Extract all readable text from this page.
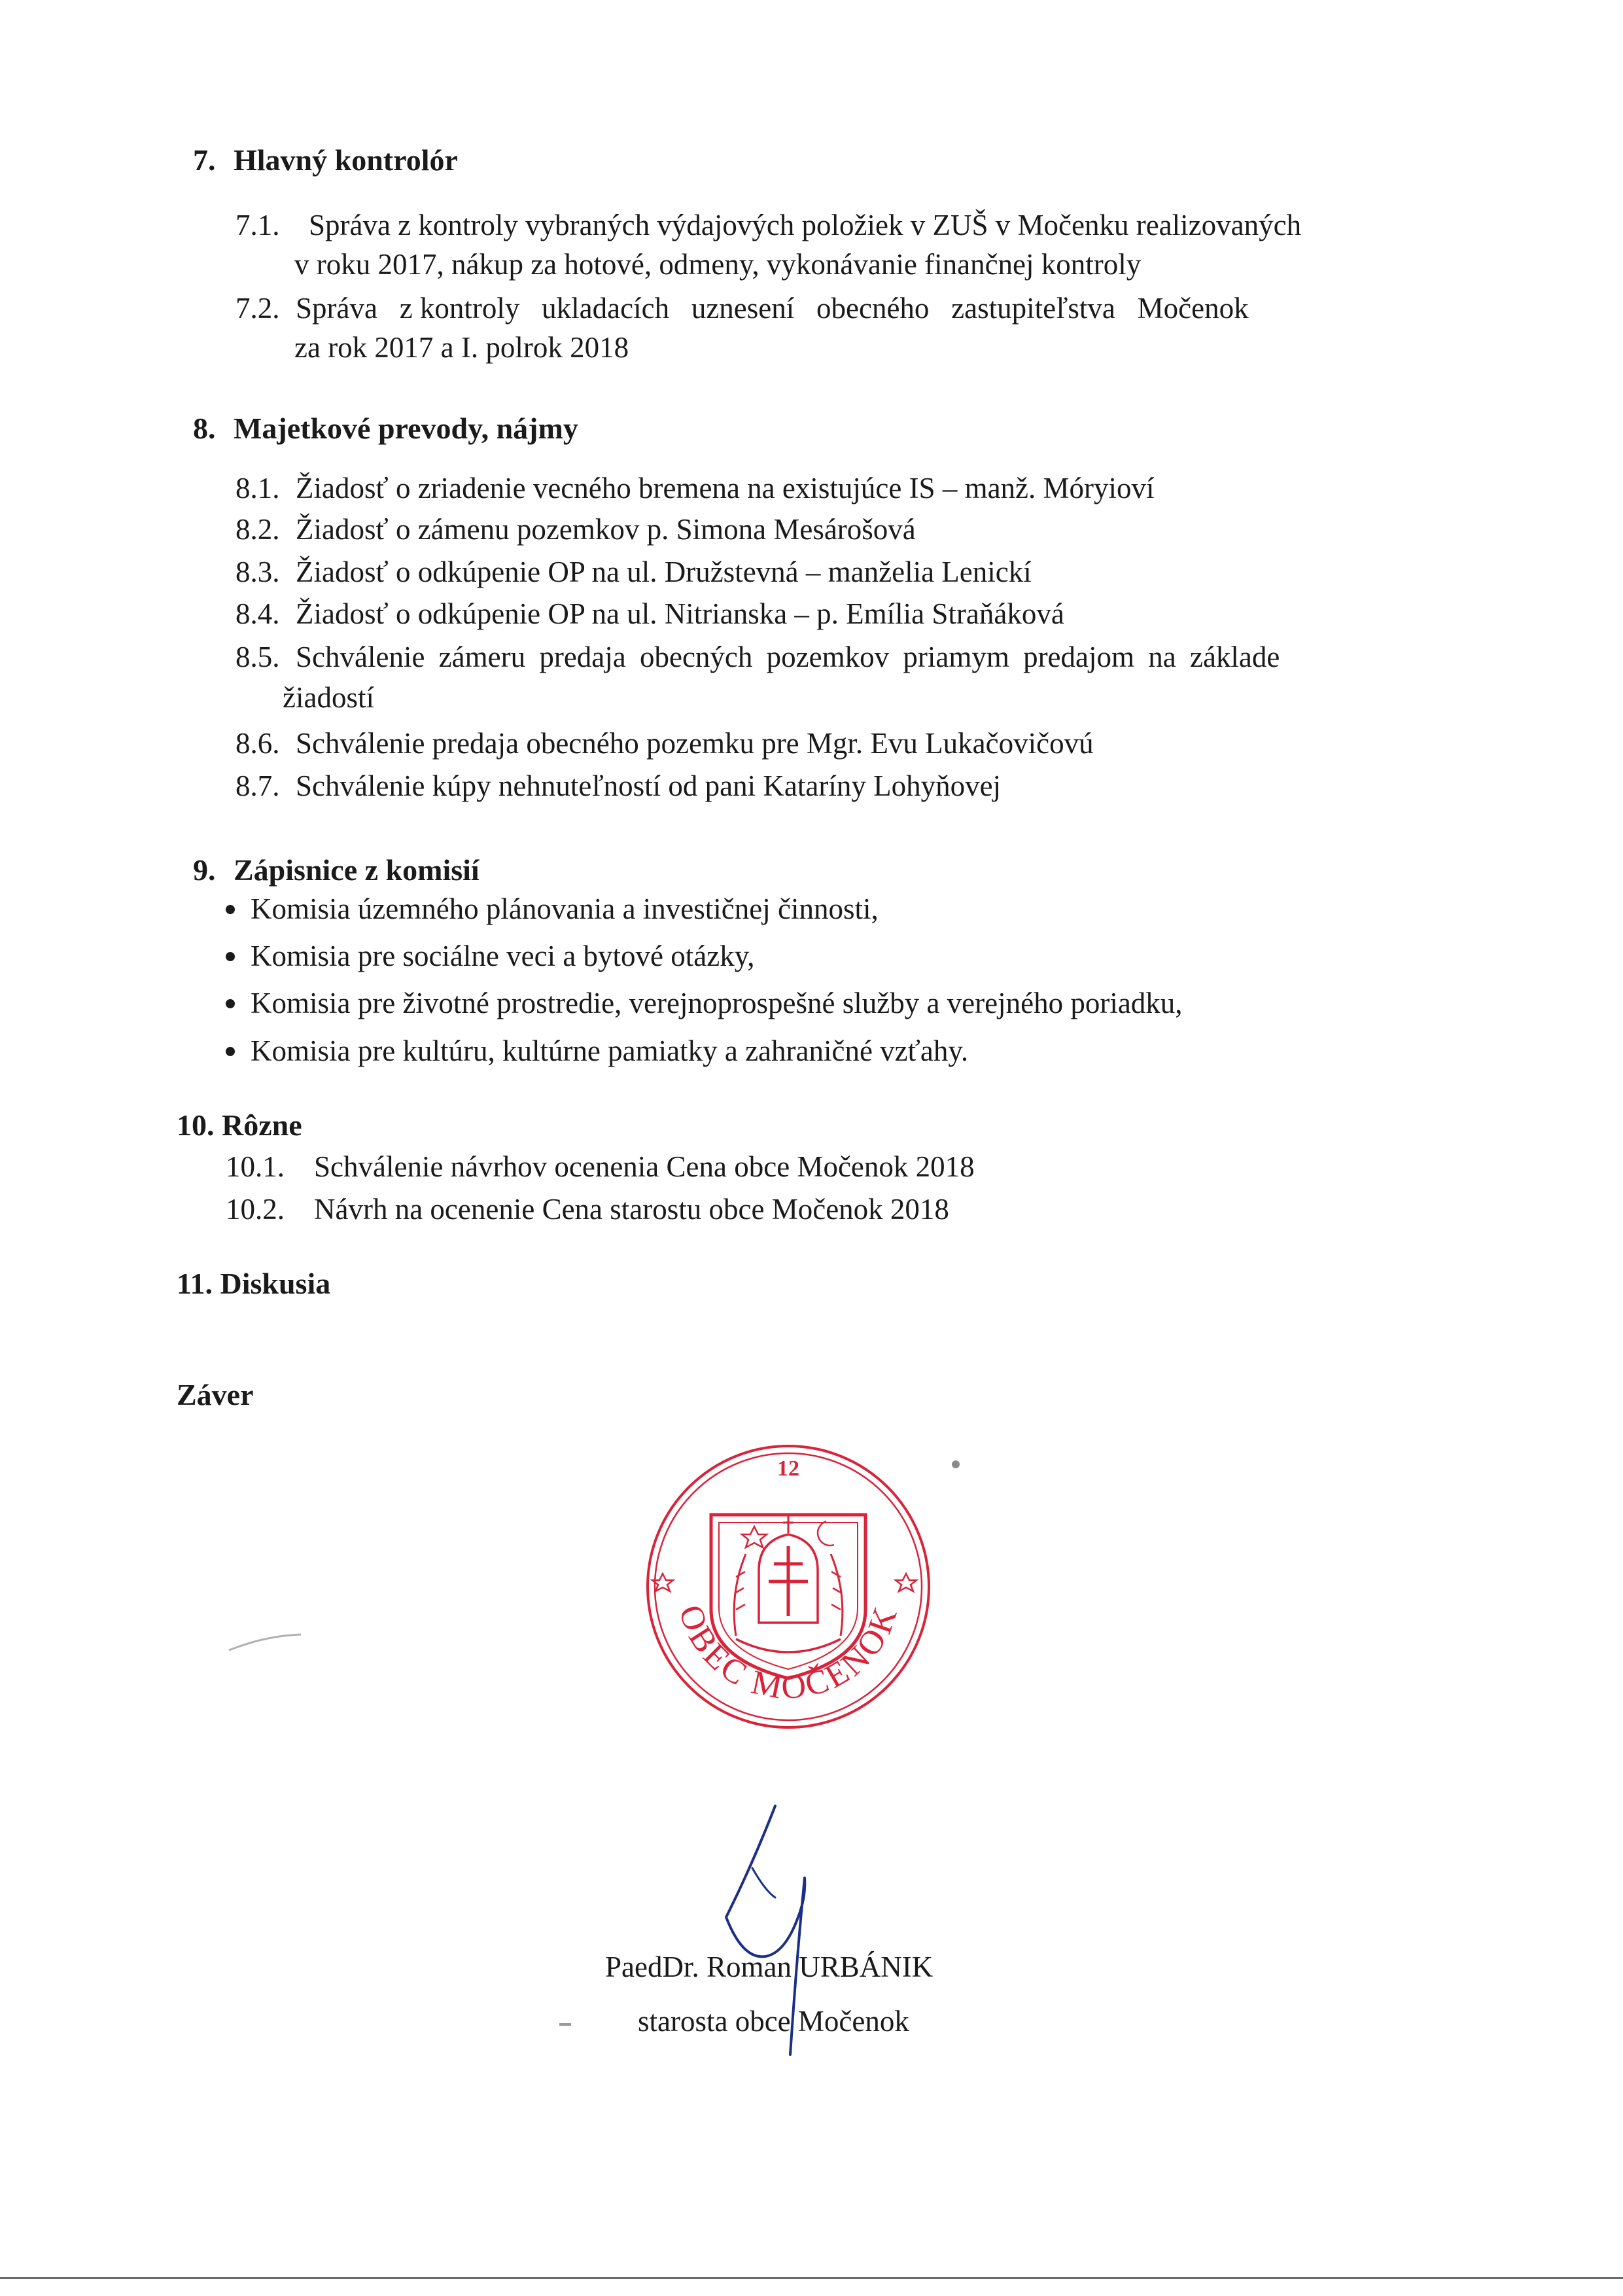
7. Hlavný kontrolór
7.1. Správa z kontroly vybraných výdajových položiek v ZUŠ v Močenku realizovaných
v roku 2017, nákup za hotové, odmeny, vykonávanie finančnej kontroly
7.2. Správa   z kontroly   ukladacích   uznesení   obecného   zastupiteľstva   Močenok
za rok 2017 a I. polrok 2018
8. Majetkové prevody, nájmy
8.1. Žiadosť o zriadenie vecného bremena na existujúce IS – manž. Móryioví
8.2. Žiadosť o zámenu pozemkov p. Simona Mesárošová
8.3. Žiadosť o odkúpenie OP na ul. Družstevná – manželia Lenickí
8.4. Žiadosť o odkúpenie OP na ul. Nitrianska – p. Emília Straňáková
8.5. Schválenie zámeru predaja obecných pozemkov priamym predajom na základe
žiadostí
8.6. Schválenie predaja obecného pozemku pre Mgr. Evu Lukačovičovú
8.7. Schválenie kúpy nehnuteľností od pani Kataríny Lohyňovej
9. Zápisnice z komisií
Komisia územného plánovania a investičnej činnosti,
Komisia pre sociálne veci a bytové otázky,
Komisia pre životné prostredie, verejnoprospešné služby a verejného poriadku,
Komisia pre kultúru, kultúrne pamiatky a zahraničné vzťahy.
10. Rôzne
10.1. Schválenie návrhov ocenenia Cena obce Močenok 2018
10.2. Návrh na ocenenie Cena starostu obce Močenok 2018
11. Diskusia
Záver
12
OBEC MOČENOK
PaedDr. Roman URBÁNIK
starosta obce Močenok
